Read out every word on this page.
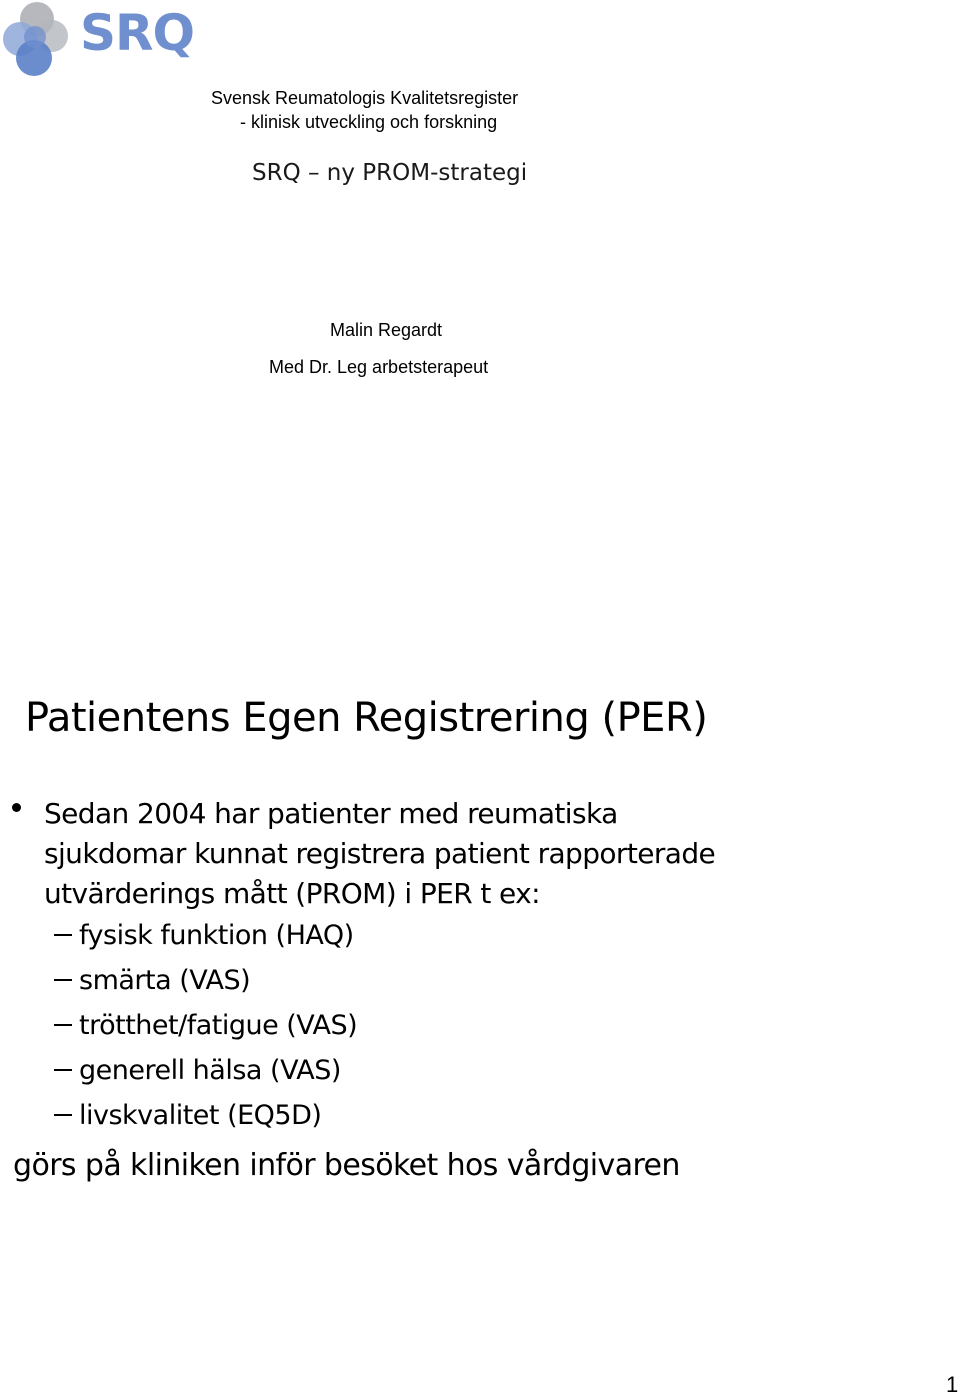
SRQ
Svensk Reumatologis Kvalitetsregister
- klinisk utveckling och forskning
SRQ – ny PROM-strategi
Malin Regardt
Med Dr. Leg arbetsterapeut
Patientens Egen Registrering (PER)
Sedan 2004 har patienter med reumatiska sjukdomar kunnat registrera patient rapporterade utvärderings mått (PROM) i PER t ex:
fysisk funktion (HAQ)
smärta (VAS)
trötthet/fatigue (VAS)
generell hälsa (VAS)
livskvalitet (EQ5D)
görs på kliniken inför besöket hos vårdgivaren
1
